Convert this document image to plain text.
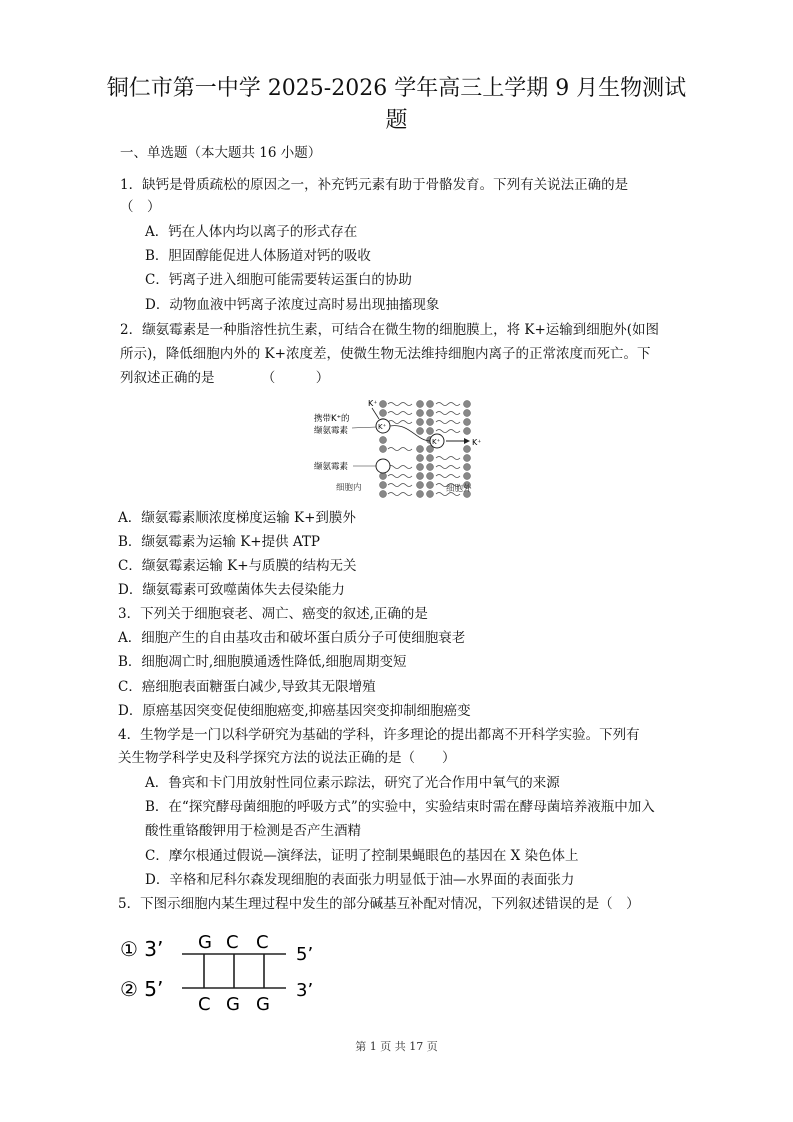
铜仁市第一中学 2025-2026 学年高三上学期 9 月生物测试
题
一、单选题（本大题共 16 小题）
1．缺钙是骨质疏松的原因之一，补充钙元素有助于骨骼发育。下列有关说法正确的是
（　）
A．钙在人体内均以离子的形式存在
B．胆固醇能促进人体肠道对钙的吸收
C．钙离子进入细胞可能需要转运蛋白的协助
D．动物血液中钙离子浓度过高时易出现抽搐现象
2．缬氨霉素是一种脂溶性抗生素，可结合在微生物的细胞膜上，将 K+运输到细胞外(如图
所示)，降低细胞内外的 K+浓度差，使微生物无法维持细胞内离子的正常浓度而死亡。下
列叙述正确的是　　　　（　　　）
K⁺
K⁺	K⁺
K⁺
携带K⁺的
缬氨霉素
缬氨霉素
细胞内	细胞外
A．缬氨霉素顺浓度梯度运输 K+到膜外
B．缬氨霉素为运输 K+提供 ATP
C．缬氨霉素运输 K+与质膜的结构无关
D．缬氨霉素可致噬菌体失去侵染能力
3．下列关于细胞衰老、凋亡、癌变的叙述,正确的是
A．细胞产生的自由基攻击和破坏蛋白质分子可使细胞衰老
B．细胞凋亡时,细胞膜通透性降低,细胞周期变短
C．癌细胞表面糖蛋白减少,导致其无限增殖
D．原癌基因突变促使细胞癌变,抑癌基因突变抑制细胞癌变
4．生物学是一门以科学研究为基础的学科，许多理论的提出都离不开科学实验。下列有
关生物学科学史及科学探究方法的说法正确的是（　　）
A．鲁宾和卡门用放射性同位素示踪法，研究了光合作用中氧气的来源
B．在“探究酵母菌细胞的呼吸方式”的实验中，实验结束时需在酵母菌培养液瓶中加入
酸性重铬酸钾用于检测是否产生酒精
C．摩尔根通过假说—演绎法，证明了控制果蝇眼色的基因在 X 染色体上
D．辛格和尼科尔森发现细胞的表面张力明显低于油—水界面的表面张力
5．下图示细胞内某生理过程中发生的部分碱基互补配对情况，下列叙述错误的是（　）
① 3’
② 5’
G C C
C G G
5’
3’
第 1 页 共 17 页
